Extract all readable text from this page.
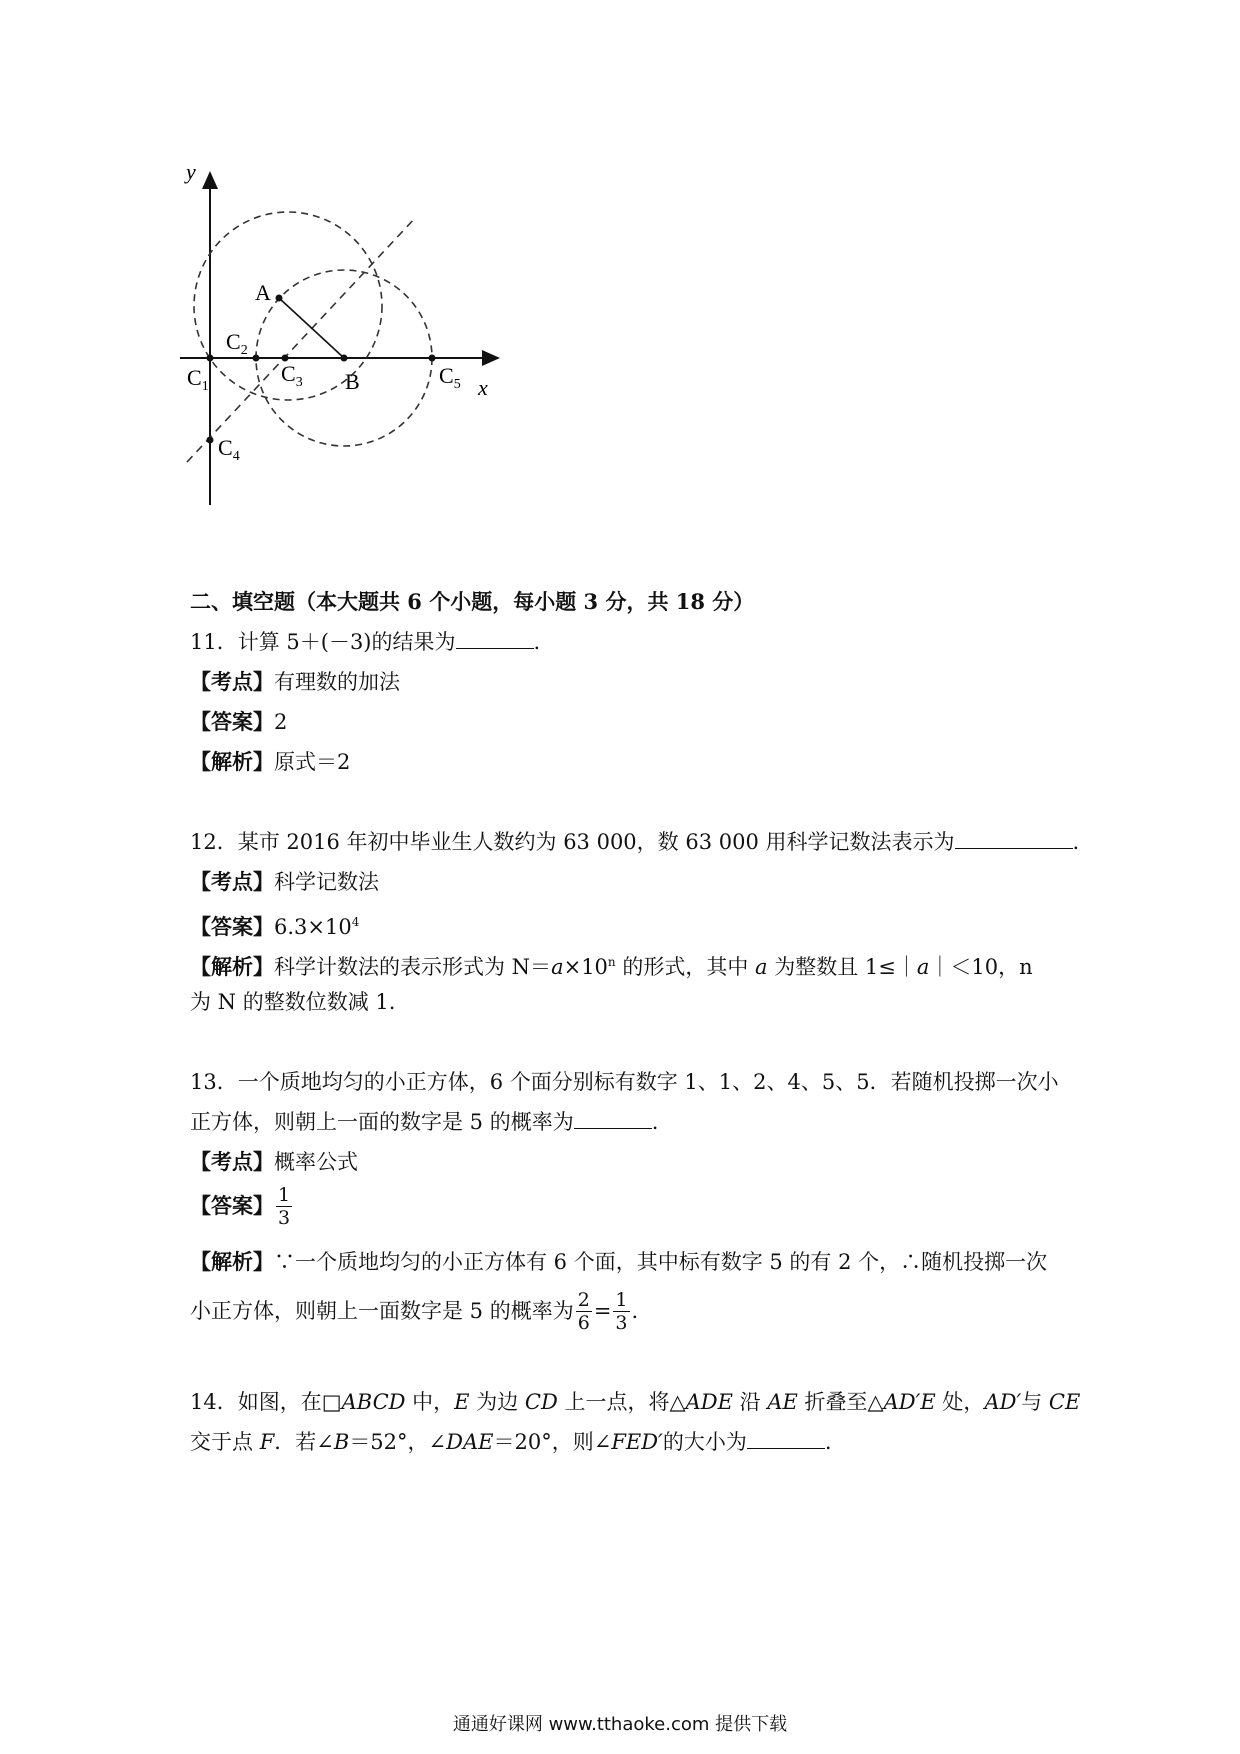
y
x
A
B
$C_1$
$C_2$
$C_3$
$C_4$
$C_5$
二、填空题（本大题共 6 个小题，每小题 3 分，共 18 分）
11．计算 5＋(－3)的结果为	.
【考点】有理数的加法
【答案】2
【解析】原式＝2
12．某市 2016 年初中毕业生人数约为 63 000，数 63 000 用科学记数法表示为	.
【考点】科学记数法
【答案】$6.3\times 10^4$
【解析】科学计数法的表示形式为 $N=a\times 10^n$ 的形式，其中 a 为整数且 1≤｜a｜＜10，n
为 N 的整数位数减 1.
13．一个质地均匀的小正方体，6 个面分别标有数字 1、1、2、4、5、5．若随机投掷一次小
正方体，则朝上一面的数字是 5 的概率为	.
【考点】概率公式
【答案】 $\frac{1}{3}$
【解析】∵一个质地均匀的小正方体有 6 个面，其中标有数字 5 的有 2 个，∴随机投掷一次
小正方体，则朝上一面数字是 5 的概率为 $\frac{2}{6} = \frac{1}{3}$ .
14．如图，在□ABCD 中，E 为边 CD 上一点，将△ADE 沿 AE 折叠至△AD′E 处，AD′与 CE
交于点 F．若∠B＝52°，∠DAE＝20°，则∠FED′的大小为	.
通通好课网 www.tthaoke.com 提供下载
